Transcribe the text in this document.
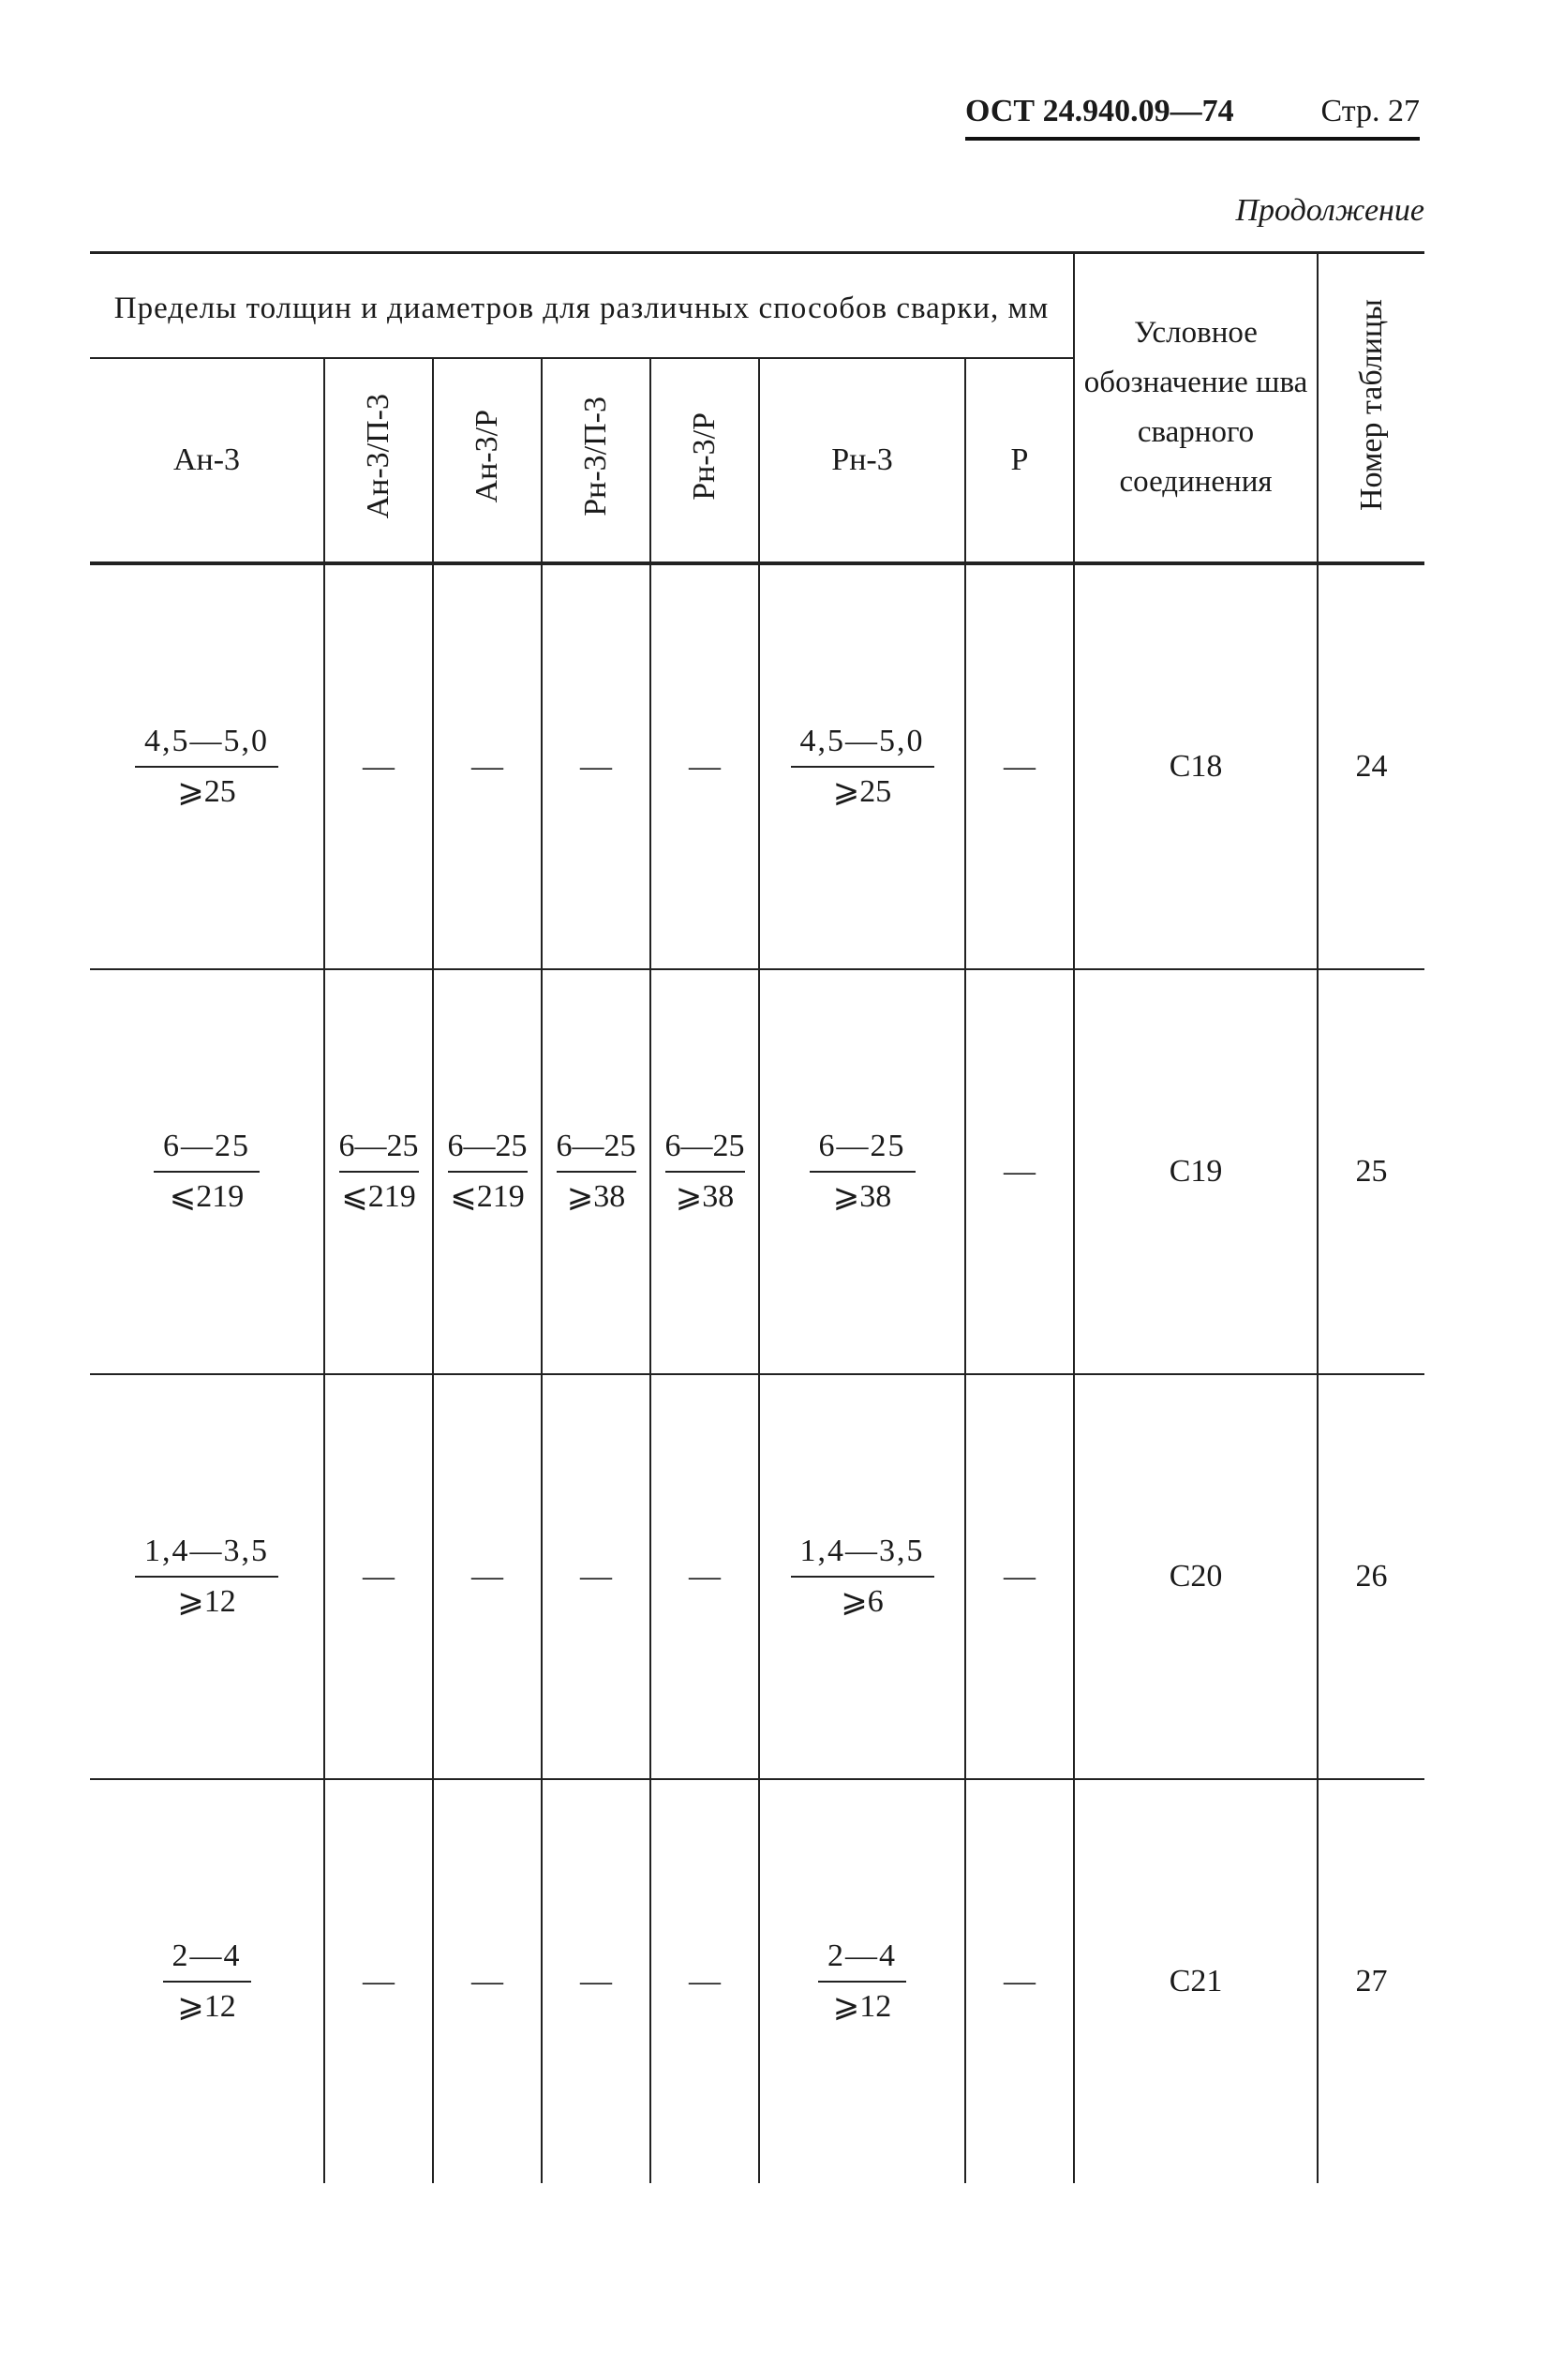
ОСТ 24.940.09—74	Стр. 27
Продолжение
Пределы толщин и диаметров для различных способов сварки, мм							Условное обозначение шва сварного соединения	Номер таблицы
Ан-3	Ан-3/П-3	Ан-3/Р	Рн-3/П-3	Рн-3/Р	Рн-3	Р		

$\frac{4,5—5,0}{⩾25}$	—	—	—	—	$\frac{4,5—5,0}{⩾25}$	—	С18	24

$\frac{6—25}{⩽219}$	$\frac{6—25}{⩽219}$	$\frac{6—25}{⩽219}$	$\frac{6—25}{⩾38}$	$\frac{6—25}{⩾38}$	$\frac{6—25}{⩾38}$	—	С19	25

$\frac{1,4—3,5}{⩾12}$	—	—	—	—	$\frac{1,4—3,5}{⩾6}$	—	С20	26

$\frac{2—4}{⩾12}$	—	—	—	—	$\frac{2—4}{⩾12}$	—	С21	27
